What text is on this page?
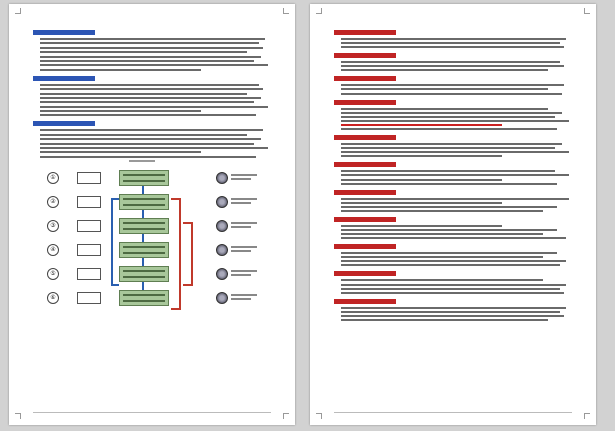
①
②
③
④
⑤
⑥
